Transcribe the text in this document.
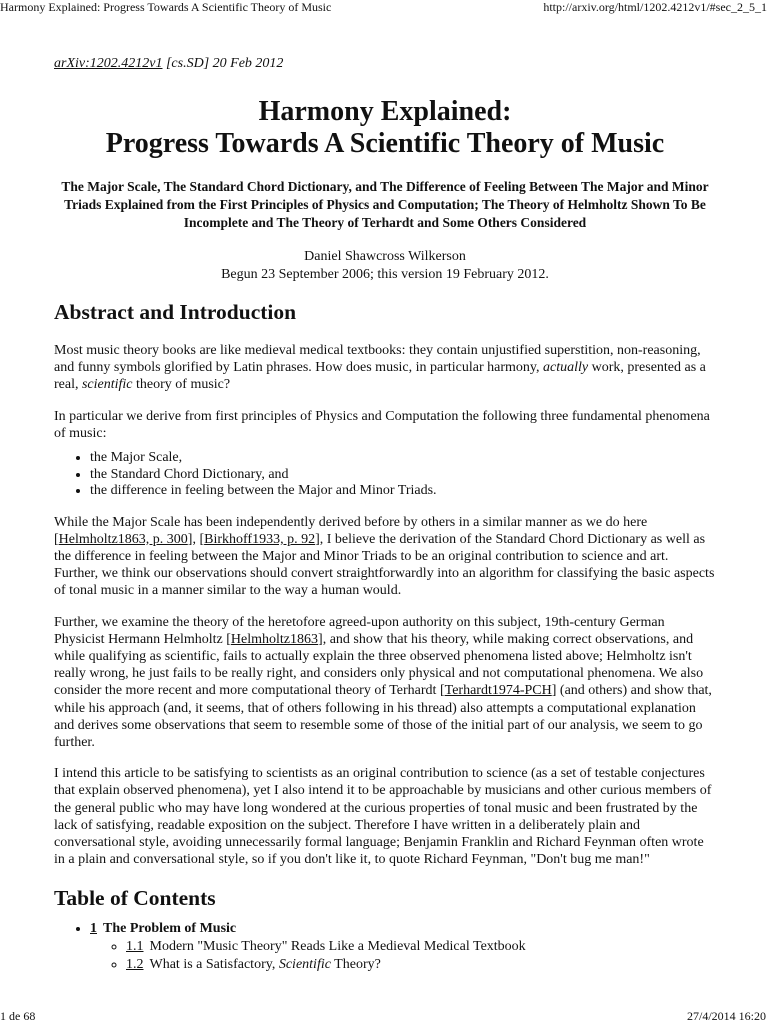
Harmony Explained: Progress Towards A Scientific Theory of Music	http://arxiv.org/html/1202.4212v1/#sec_2_5_1
arXiv:1202.4212v1 [cs.SD] 20 Feb 2012
Harmony Explained:
Progress Towards A Scientific Theory of Music
The Major Scale, The Standard Chord Dictionary, and The Difference of Feeling Between The Major and Minor Triads Explained from the First Principles of Physics and Computation; The Theory of Helmholtz Shown To Be Incomplete and The Theory of Terhardt and Some Others Considered
Daniel Shawcross Wilkerson
Begun 23 September 2006; this version 19 February 2012.
Abstract and Introduction

Most music theory books are like medieval medical textbooks: they contain unjustified superstition, non-reasoning, and funny symbols glorified by Latin phrases. How does music, in particular harmony, actually work, presented as a real, scientific theory of music?

In particular we derive from first principles of Physics and Computation the following three fundamental phenomena of music:

• the Major Scale,
• the Standard Chord Dictionary, and
• the difference in feeling between the Major and Minor Triads.

While the Major Scale has been independently derived before by others in a similar manner as we do here [Helmholtz1863, p. 300], [Birkhoff1933, p. 92], I believe the derivation of the Standard Chord Dictionary as well as the difference in feeling between the Major and Minor Triads to be an original contribution to science and art. Further, we think our observations should convert straightforwardly into an algorithm for classifying the basic aspects of tonal music in a manner similar to the way a human would.

Further, we examine the theory of the heretofore agreed-upon authority on this subject, 19th-century German Physicist Hermann Helmholtz [Helmholtz1863], and show that his theory, while making correct observations, and while qualifying as scientific, fails to actually explain the three observed phenomena listed above; Helmholtz isn't really wrong, he just fails to be really right, and considers only physical and not computational phenomena. We also consider the more recent and more computational theory of Terhardt [Terhardt1974-PCH] (and others) and show that, while his approach (and, it seems, that of others following in his thread) also attempts a computational explanation and derives some observations that seem to resemble some of those of the initial part of our analysis, we seem to go further.

I intend this article to be satisfying to scientists as an original contribution to science (as a set of testable conjectures that explain observed phenomena), yet I also intend it to be approachable by musicians and other curious members of the general public who may have long wondered at the curious properties of tonal music and been frustrated by the lack of satisfying, readable exposition on the subject. Therefore I have written in a deliberately plain and conversational style, avoiding unnecessarily formal language; Benjamin Franklin and Richard Feynman often wrote in a plain and conversational style, so if you don't like it, to quote Richard Feynman, "Don't bug me man!"

Table of Contents
• 1 The Problem of Music
◦ 1.1 Modern "Music Theory" Reads Like a Medieval Medical Textbook
◦ 1.2 What is a Satisfactory, Scientific Theory?
1 de 68	27/4/2014 16:20
